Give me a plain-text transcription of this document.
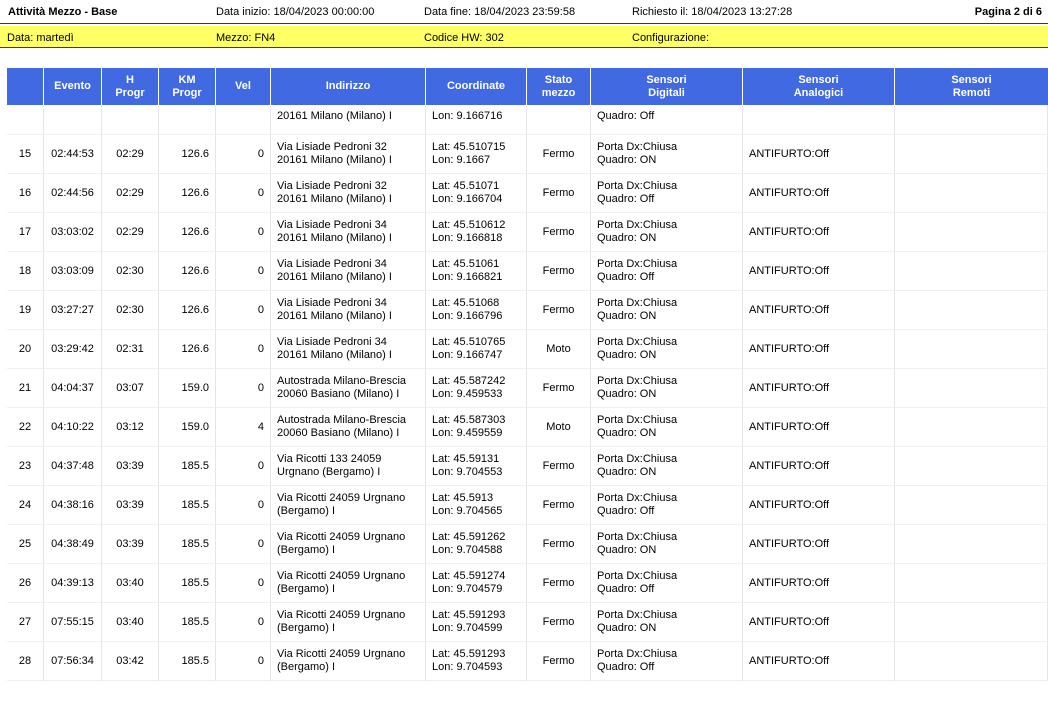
Attività Mezzo - Base	Data inizio: 18/04/2023 00:00:00	Data fine: 18/04/2023 23:59:58	Richiesto il: 18/04/2023 13:27:28	Pagina 2 di 6
Data: martedì	Mezzo: FN4	Codice HW: 302	Configurazione:
	Evento	H
Progr	KM
Progr	Vel	Indirizzo	Coordinate	Stato
mezzo	Sensori
Digitali	Sensori
Analogici	Sensori
Remoti
					20161 Milano (Milano) I	Lon: 9.166716		Quadro: Off		
15	02:44:53	02:29	126.6	0	Via Lisiade Pedroni 32
20161 Milano (Milano) I	Lat: 45.510715
Lon: 9.1667	Fermo	Porta Dx:Chiusa
Quadro: ON	ANTIFURTO:Off	
16	02:44:56	02:29	126.6	0	Via Lisiade Pedroni 32
20161 Milano (Milano) I	Lat: 45.51071
Lon: 9.166704	Fermo	Porta Dx:Chiusa
Quadro: Off	ANTIFURTO:Off	
17	03:03:02	02:29	126.6	0	Via Lisiade Pedroni 34
20161 Milano (Milano) I	Lat: 45.510612
Lon: 9.166818	Fermo	Porta Dx:Chiusa
Quadro: ON	ANTIFURTO:Off	
18	03:03:09	02:30	126.6	0	Via Lisiade Pedroni 34
20161 Milano (Milano) I	Lat: 45.51061
Lon: 9.166821	Fermo	Porta Dx:Chiusa
Quadro: Off	ANTIFURTO:Off	
19	03:27:27	02:30	126.6	0	Via Lisiade Pedroni 34
20161 Milano (Milano) I	Lat: 45.51068
Lon: 9.166796	Fermo	Porta Dx:Chiusa
Quadro: ON	ANTIFURTO:Off	
20	03:29:42	02:31	126.6	0	Via Lisiade Pedroni 34
20161 Milano (Milano) I	Lat: 45.510765
Lon: 9.166747	Moto	Porta Dx:Chiusa
Quadro: ON	ANTIFURTO:Off	
21	04:04:37	03:07	159.0	0	Autostrada Milano-Brescia
20060 Basiano (Milano) I	Lat: 45.587242
Lon: 9.459533	Fermo	Porta Dx:Chiusa
Quadro: ON	ANTIFURTO:Off	
22	04:10:22	03:12	159.0	4	Autostrada Milano-Brescia
20060 Basiano (Milano) I	Lat: 45.587303
Lon: 9.459559	Moto	Porta Dx:Chiusa
Quadro: ON	ANTIFURTO:Off	
23	04:37:48	03:39	185.5	0	Via Ricotti 133 24059
Urgnano (Bergamo) I	Lat: 45.59131
Lon: 9.704553	Fermo	Porta Dx:Chiusa
Quadro: ON	ANTIFURTO:Off	
24	04:38:16	03:39	185.5	0	Via Ricotti 24059 Urgnano
(Bergamo) I	Lat: 45.5913
Lon: 9.704565	Fermo	Porta Dx:Chiusa
Quadro: Off	ANTIFURTO:Off	
25	04:38:49	03:39	185.5	0	Via Ricotti 24059 Urgnano
(Bergamo) I	Lat: 45.591262
Lon: 9.704588	Fermo	Porta Dx:Chiusa
Quadro: ON	ANTIFURTO:Off	
26	04:39:13	03:40	185.5	0	Via Ricotti 24059 Urgnano
(Bergamo) I	Lat: 45.591274
Lon: 9.704579	Fermo	Porta Dx:Chiusa
Quadro: Off	ANTIFURTO:Off	
27	07:55:15	03:40	185.5	0	Via Ricotti 24059 Urgnano
(Bergamo) I	Lat: 45.591293
Lon: 9.704599	Fermo	Porta Dx:Chiusa
Quadro: ON	ANTIFURTO:Off	
28	07:56:34	03:42	185.5	0	Via Ricotti 24059 Urgnano
(Bergamo) I	Lat: 45.591293
Lon: 9.704593	Fermo	Porta Dx:Chiusa
Quadro: Off	ANTIFURTO:Off	
